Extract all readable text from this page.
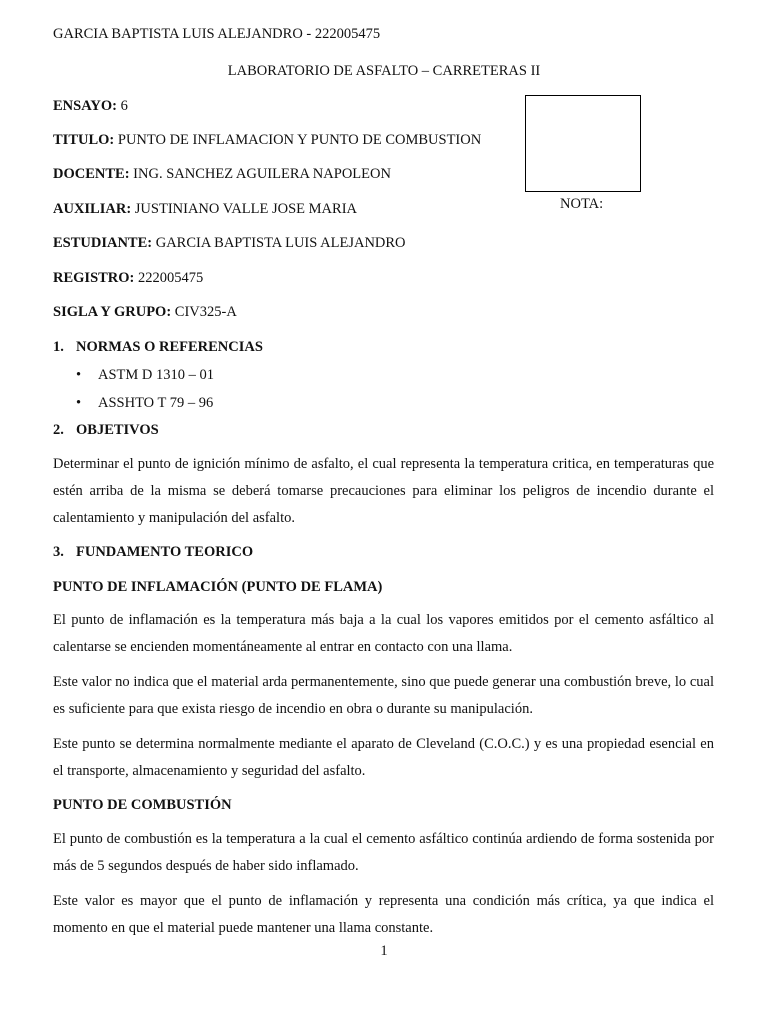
GARCIA BAPTISTA LUIS ALEJANDRO - 222005475
LABORATORIO DE ASFALTO – CARRETERAS II
ENSAYO: 6
TITULO: PUNTO DE INFLAMACION Y PUNTO DE COMBUSTION
DOCENTE: ING. SANCHEZ AGUILERA NAPOLEON
AUXILIAR: JUSTINIANO VALLE JOSE MARIA
ESTUDIANTE: GARCIA BAPTISTA LUIS ALEJANDRO
REGISTRO: 222005475
SIGLA Y GRUPO: CIV325-A
NOTA:
1. NORMAS O REFERENCIAS
• ASTM D 1310 – 01
• ASSHTO T 79 – 96
2. OBJETIVOS
Determinar el punto de ignición mínimo de asfalto, el cual representa la temperatura critica, en temperaturas que estén arriba de la misma se deberá tomarse precauciones para eliminar los peligros de incendio durante el calentamiento y manipulación del asfalto.
3. FUNDAMENTO TEORICO
PUNTO DE INFLAMACIÓN (PUNTO DE FLAMA)
El punto de inflamación es la temperatura más baja a la cual los vapores emitidos por el cemento asfáltico al calentarse se encienden momentáneamente al entrar en contacto con una llama.
Este valor no indica que el material arda permanentemente, sino que puede generar una combustión breve, lo cual es suficiente para que exista riesgo de incendio en obra o durante su manipulación.
Este punto se determina normalmente mediante el aparato de Cleveland (C.O.C.) y es una propiedad esencial en el transporte, almacenamiento y seguridad del asfalto.
PUNTO DE COMBUSTIÓN
El punto de combustión es la temperatura a la cual el cemento asfáltico continúa ardiendo de forma sostenida por más de 5 segundos después de haber sido inflamado.
Este valor es mayor que el punto de inflamación y representa una condición más crítica, ya que indica el momento en que el material puede mantener una llama constante.
1
